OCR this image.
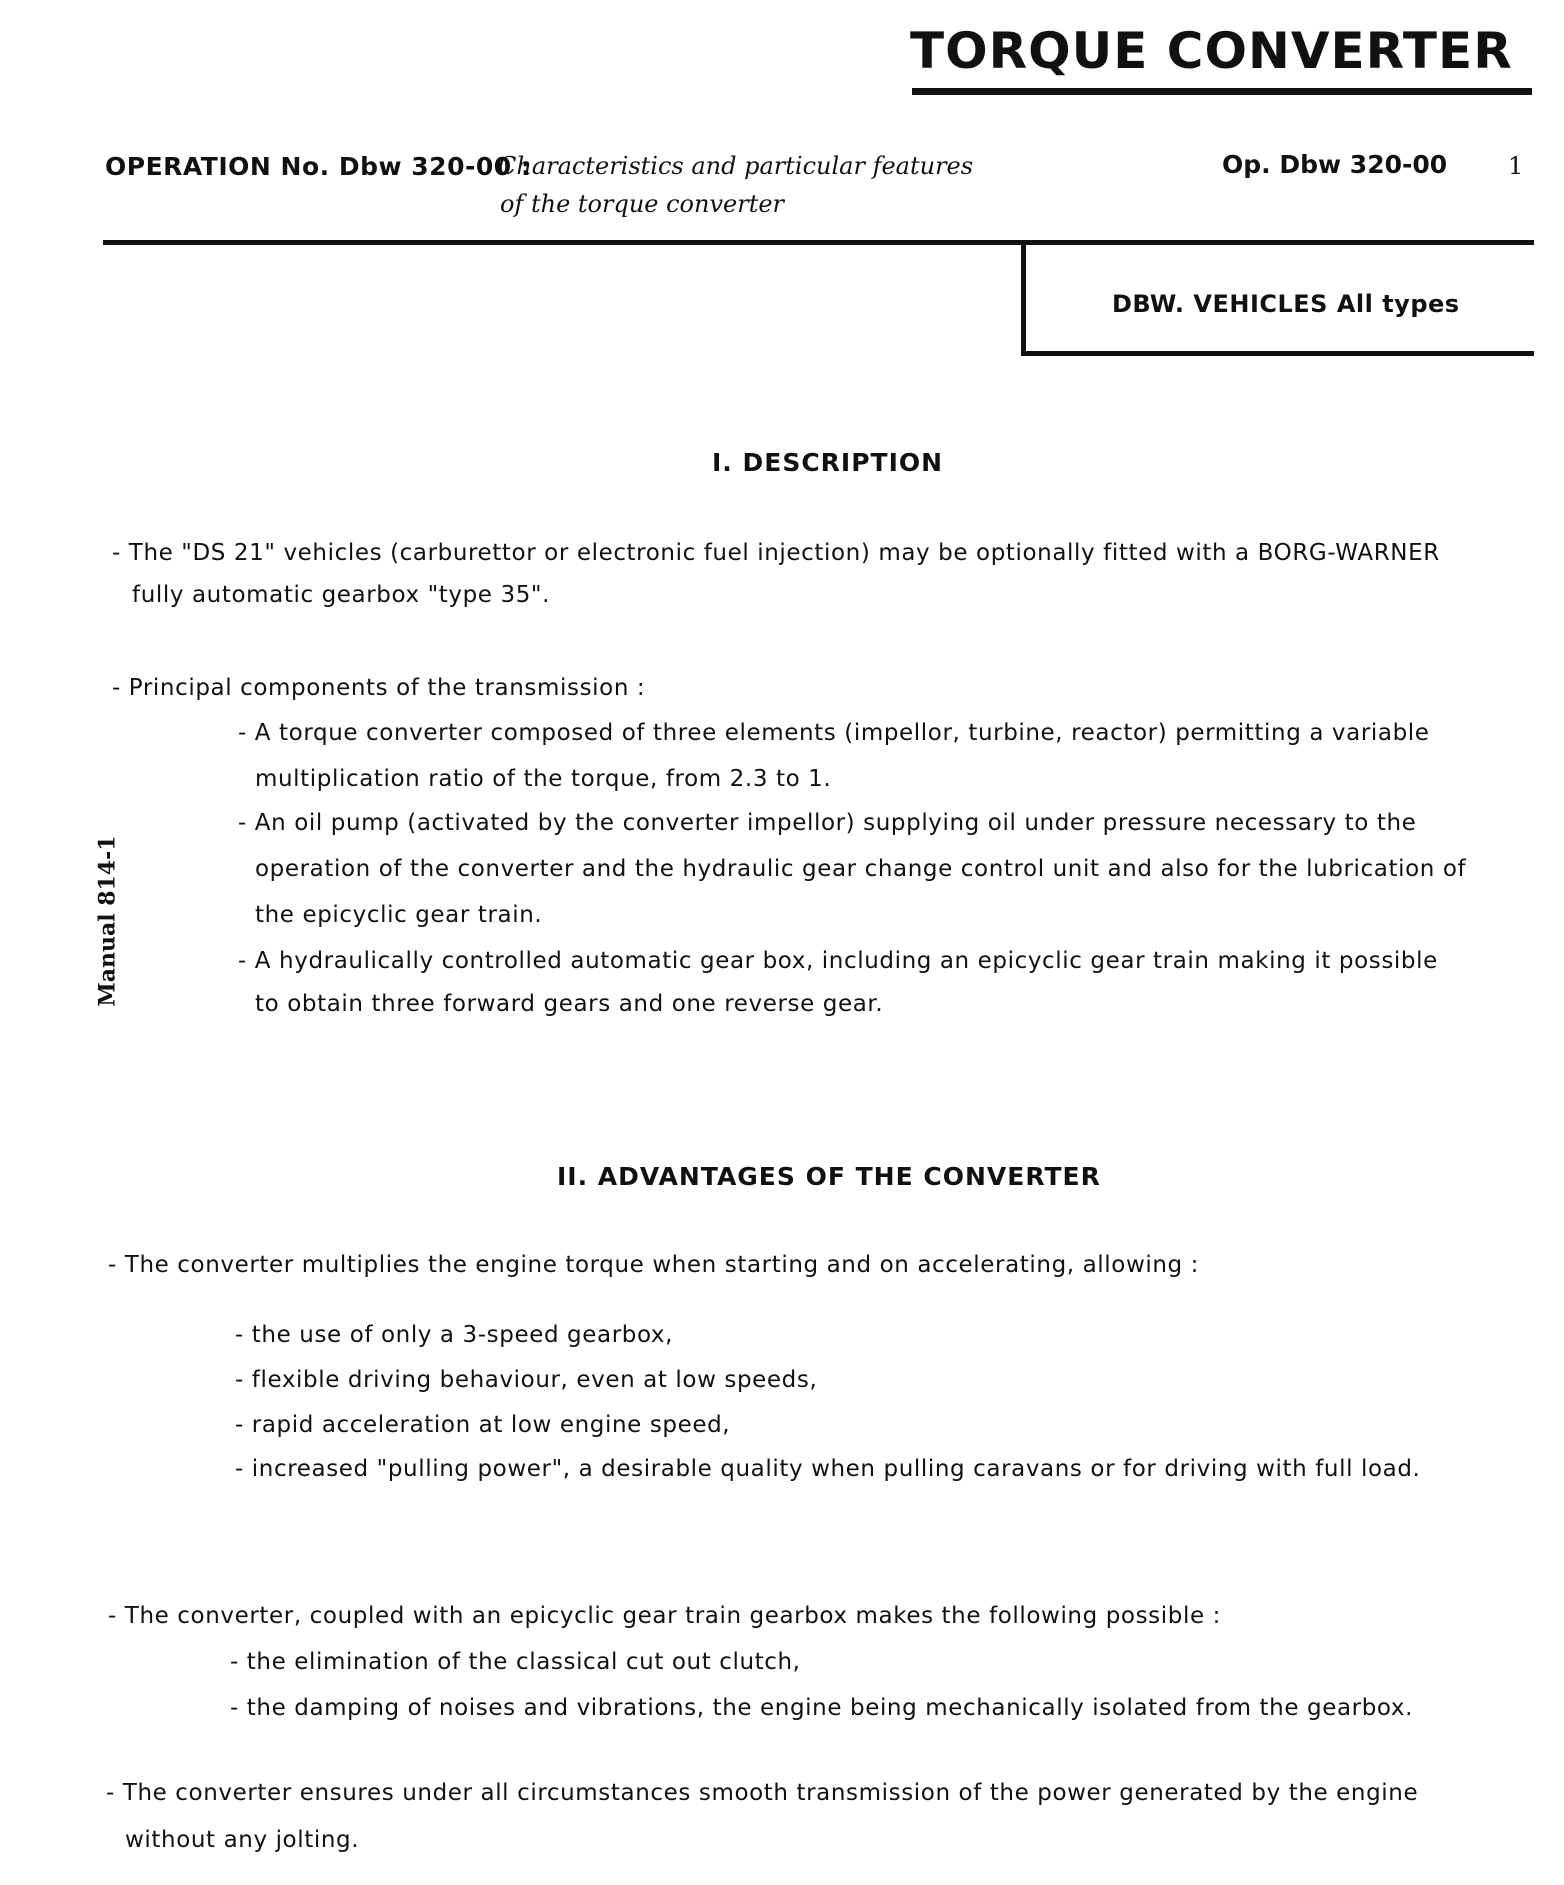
TORQUE CONVERTER
OPERATION No. Dbw 320-00 :
Characteristics and particular features
of the torque converter
Op. Dbw 320-00	1
DBW. VEHICLES All types
Manual 814-1
I. DESCRIPTION
- The "DS 21" vehicles (carburettor or electronic fuel injection) may be optionally fitted with a BORG-WARNER
fully automatic gearbox "type 35".
- Principal components of the transmission :
- A torque converter composed of three elements (impellor, turbine, reactor) permitting a variable
multiplication ratio of the torque, from 2.3 to 1.
- An oil pump (activated by the converter impellor) supplying oil under pressure necessary to the
operation of the converter and the hydraulic gear change control unit and also for the lubrication of
the epicyclic gear train.
- A hydraulically controlled automatic gear box, including an epicyclic gear train making it possible
to obtain three forward gears and one reverse gear.
II. ADVANTAGES OF THE CONVERTER
- The converter multiplies the engine torque when starting and on accelerating, allowing :
- the use of only a 3-speed gearbox,
- flexible driving behaviour, even at low speeds,
- rapid acceleration at low engine speed,
- increased "pulling power", a desirable quality when pulling caravans or for driving with full load.
- The converter, coupled with an epicyclic gear train gearbox makes the following possible :
- the elimination of the classical cut out clutch,
- the damping of noises and vibrations, the engine being mechanically isolated from the gearbox.
- The converter ensures under all circumstances smooth transmission of the power generated by the engine
without any jolting.
